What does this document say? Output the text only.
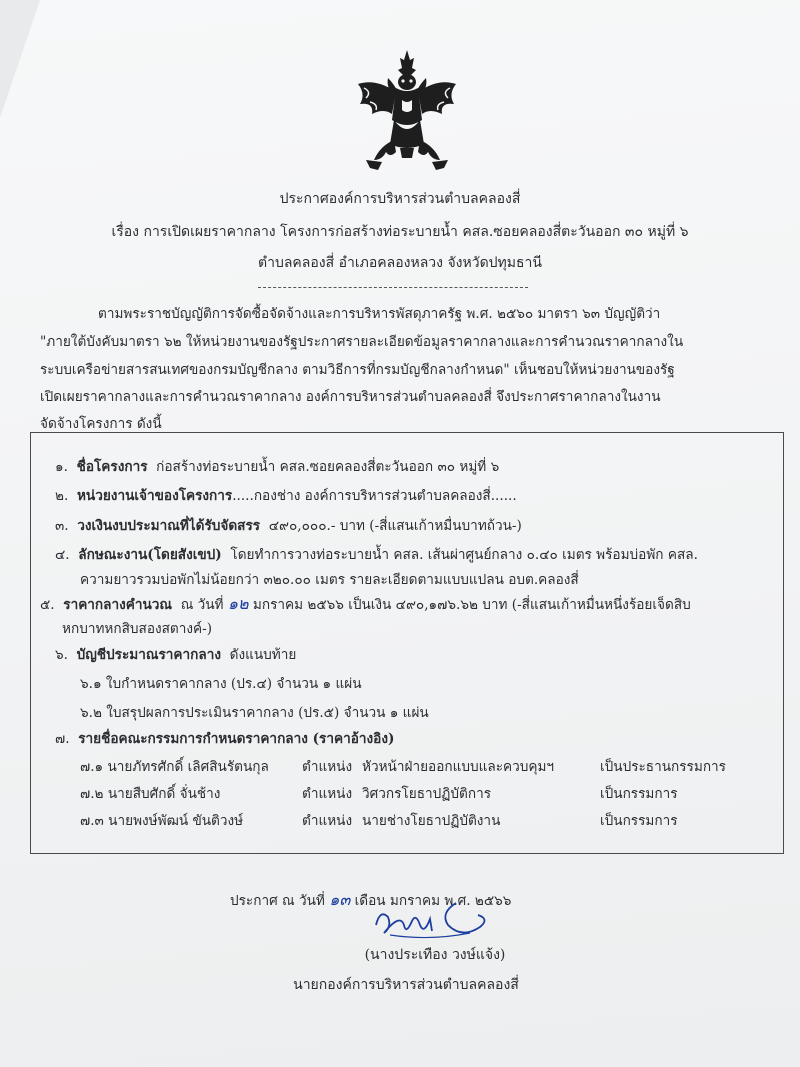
ประกาศองค์การบริหารส่วนตำบลคลองสี่
เรื่อง การเปิดเผยราคากลาง โครงการก่อสร้างท่อระบายน้ำ คสล.ซอยคลองสี่ตะวันออก ๓๐ หมู่ที่ ๖
ตำบลคลองสี่ อำเภอคลองหลวง จังหวัดปทุมธานี
ตามพระราชบัญญัติการจัดซื้อจัดจ้างและการบริหารพัสดุภาครัฐ พ.ศ. ๒๕๖๐ มาตรา ๖๓ บัญญัติว่า
"ภายใต้บังคับมาตรา ๖๒ ให้หน่วยงานของรัฐประกาศรายละเอียดข้อมูลราคากลางและการคำนวณราคากลางใน
ระบบเครือข่ายสารสนเทศของกรมบัญชีกลาง ตามวิธีการที่กรมบัญชีกลางกำหนด" เห็นชอบให้หน่วยงานของรัฐ
เปิดเผยราคากลางและการคำนวณราคากลาง องค์การบริหารส่วนตำบลคลองสี่ จึงประกาศราคากลางในงาน
จัดจ้างโครงการ ดังนี้
๑. ชื่อโครงการ ก่อสร้างท่อระบายน้ำ คสล.ซอยคลองสี่ตะวันออก ๓๐ หมู่ที่ ๖
๒. หน่วยงานเจ้าของโครงการ.....กองช่าง องค์การบริหารส่วนตำบลคลองสี่......
๓. วงเงินงบประมาณที่ได้รับจัดสรร ๔๙๐,๐๐๐.- บาท (-สี่แสนเก้าหมื่นบาทถ้วน-)
๔. ลักษณะงาน(โดยสังเขป) โดยทำการวางท่อระบายน้ำ คสล. เส้นผ่าศูนย์กลาง ๐.๔๐ เมตร พร้อมบ่อพัก คสล.
ความยาวรวมบ่อพักไม่น้อยกว่า ๓๒๐.๐๐ เมตร รายละเอียดตามแบบแปลน อบต.คลองสี่
๕. ราคากลางคำนวณ ณ วันที่ ๑๒ มกราคม ๒๕๖๖ เป็นเงิน ๔๙๐,๑๗๖.๖๒ บาท (-สี่แสนเก้าหมื่นหนึ่งร้อยเจ็ดสิบ
หกบาทหกสิบสองสตางค์-)
๖. บัญชีประมาณราคากลาง ดังแนบท้าย
๖.๑ ใบกำหนดราคากลาง (ปร.๔) จำนวน ๑ แผ่น
๖.๒ ใบสรุปผลการประเมินราคากลาง (ปร.๕) จำนวน ๑ แผ่น
๗. รายชื่อคณะกรรมการกำหนดราคากลาง (ราคาอ้างอิง)
๗.๑ นายภัทรศักดิ์ เลิศสินรัตนกุล ตำแหน่ง หัวหน้าฝ่ายออกแบบและควบคุมฯ	เป็นประธานกรรมการ
๗.๒ นายสืบศักดิ์ จั่นช้าง	ตำแหน่ง วิศวกรโยธาปฏิบัติการ	เป็นกรรมการ
๗.๓ นายพงษ์พัฒน์ ขันติวงษ์	ตำแหน่ง นายช่างโยธาปฏิบัติงาน	เป็นกรรมการ
ประกาศ ณ วันที่ ๑๓ เดือน มกราคม พ.ศ. ๒๕๖๖
(นางประเทือง วงษ์แจ้ง)
นายกองค์การบริหารส่วนตำบลคลองสี่
